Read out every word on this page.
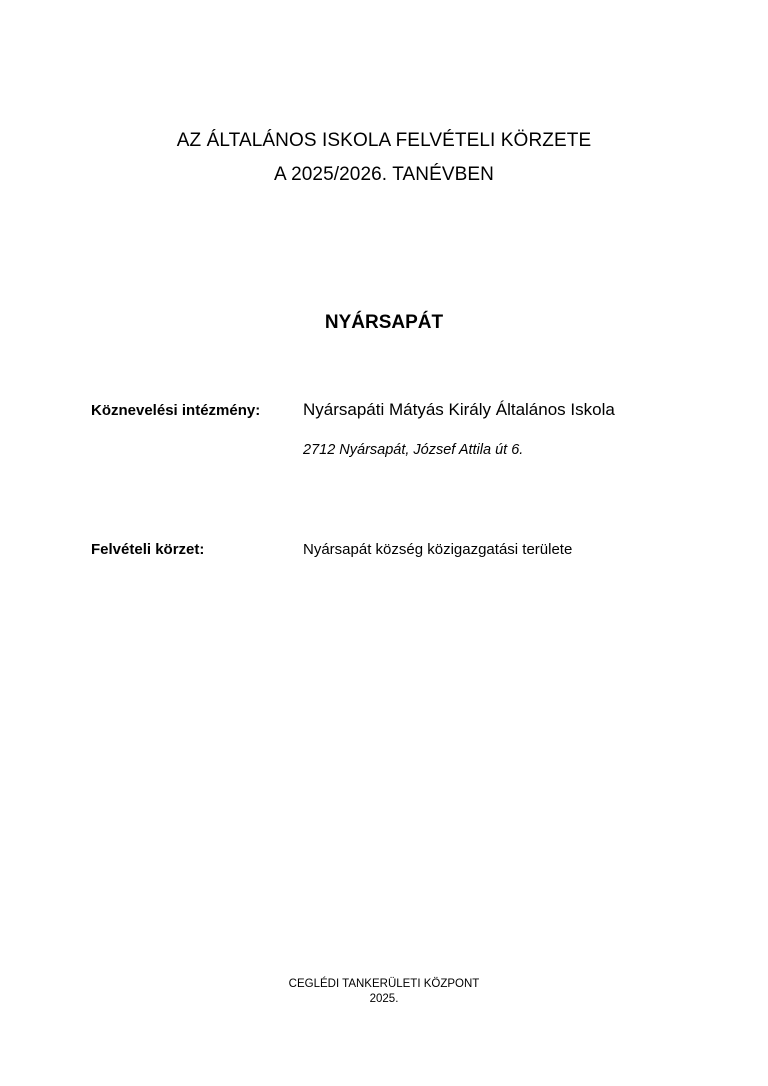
AZ ÁLTALÁNOS ISKOLA FELVÉTELI KÖRZETE
A 2025/2026. TANÉVBEN
NYÁRSAPÁT
Köznevelési intézmény:	Nyársapáti Mátyás Király Általános Iskola
2712 Nyársapát, József Attila út 6.
Felvételi körzet:	Nyársapát község közigazgatási területe
CEGLÉDI TANKERÜLETI KÖZPONT
2025.
